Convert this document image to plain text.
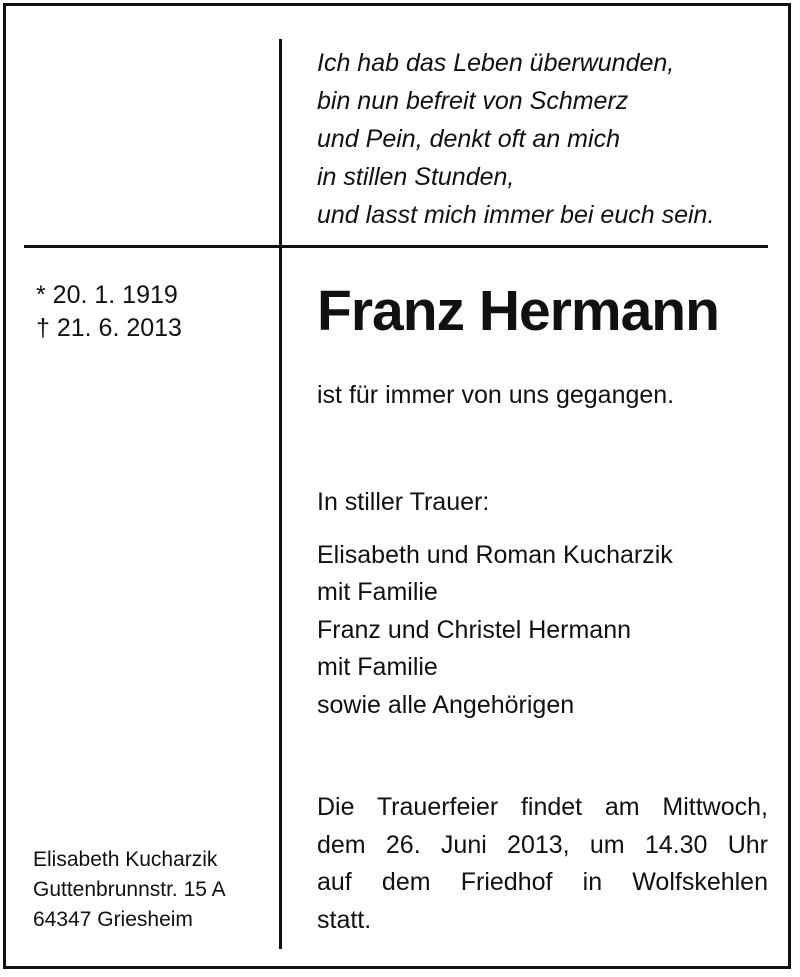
Ich hab das Leben überwunden,
bin nun befreit von Schmerz
und Pein, denkt oft an mich
in stillen Stunden,
und lasst mich immer bei euch sein.
* 20. 1. 1919
† 21. 6. 2013 Franz Hermann
ist für immer von uns gegangen.
In stiller Trauer:
Elisabeth und Roman Kucharzik
mit Familie
Franz und Christel Hermann
mit Familie
sowie alle Angehörigen
Die Trauerfeier findet am Mittwoch,
dem 26. Juni 2013, um 14.30 Uhr
auf dem Friedhof in Wolfskehlen
statt.
Elisabeth Kucharzik
Guttenbrunnstr. 15 A
64347 Griesheim
